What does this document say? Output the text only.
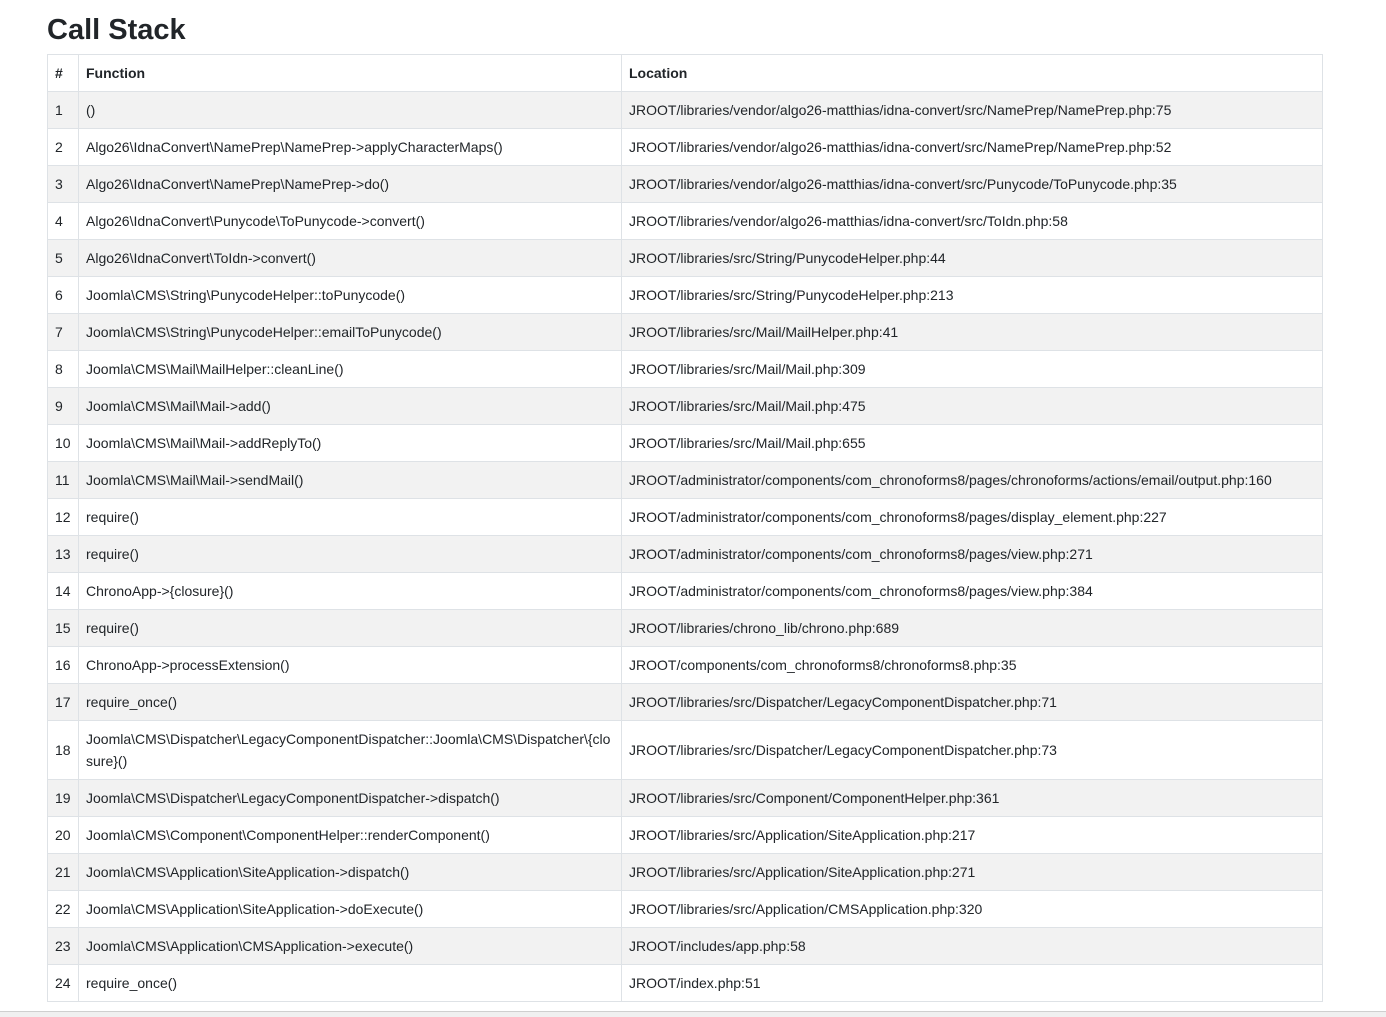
Call Stack
#	Function	Location
1	()	JROOT/libraries/vendor/algo26-matthias/idna-convert/src/NamePrep/NamePrep.php:75
2	Algo26\IdnaConvert\NamePrep\NamePrep->applyCharacterMaps()	JROOT/libraries/vendor/algo26-matthias/idna-convert/src/NamePrep/NamePrep.php:52
3	Algo26\IdnaConvert\NamePrep\NamePrep->do()	JROOT/libraries/vendor/algo26-matthias/idna-convert/src/Punycode/ToPunycode.php:35
4	Algo26\IdnaConvert\Punycode\ToPunycode->convert()	JROOT/libraries/vendor/algo26-matthias/idna-convert/src/ToIdn.php:58
5	Algo26\IdnaConvert\ToIdn->convert()	JROOT/libraries/src/String/PunycodeHelper.php:44
6	Joomla\CMS\String\PunycodeHelper::toPunycode()	JROOT/libraries/src/String/PunycodeHelper.php:213
7	Joomla\CMS\String\PunycodeHelper::emailToPunycode()	JROOT/libraries/src/Mail/MailHelper.php:41
8	Joomla\CMS\Mail\MailHelper::cleanLine()	JROOT/libraries/src/Mail/Mail.php:309
9	Joomla\CMS\Mail\Mail->add()	JROOT/libraries/src/Mail/Mail.php:475
10	Joomla\CMS\Mail\Mail->addReplyTo()	JROOT/libraries/src/Mail/Mail.php:655
11	Joomla\CMS\Mail\Mail->sendMail()	JROOT/administrator/components/com_chronoforms8/pages/chronoforms/actions/email/output.php:160
12	require()	JROOT/administrator/components/com_chronoforms8/pages/display_element.php:227
13	require()	JROOT/administrator/components/com_chronoforms8/pages/view.php:271
14	ChronoApp->{closure}()	JROOT/administrator/components/com_chronoforms8/pages/view.php:384
15	require()	JROOT/libraries/chrono_lib/chrono.php:689
16	ChronoApp->processExtension()	JROOT/components/com_chronoforms8/chronoforms8.php:35
17	require_once()	JROOT/libraries/src/Dispatcher/LegacyComponentDispatcher.php:71
18	Joomla\CMS\Dispatcher\LegacyComponentDispatcher::Joomla\CMS\Dispatcher\{closure}()	JROOT/libraries/src/Dispatcher/LegacyComponentDispatcher.php:73
19	Joomla\CMS\Dispatcher\LegacyComponentDispatcher->dispatch()	JROOT/libraries/src/Component/ComponentHelper.php:361
20	Joomla\CMS\Component\ComponentHelper::renderComponent()	JROOT/libraries/src/Application/SiteApplication.php:217
21	Joomla\CMS\Application\SiteApplication->dispatch()	JROOT/libraries/src/Application/SiteApplication.php:271
22	Joomla\CMS\Application\SiteApplication->doExecute()	JROOT/libraries/src/Application/CMSApplication.php:320
23	Joomla\CMS\Application\CMSApplication->execute()	JROOT/includes/app.php:58
24	require_once()	JROOT/index.php:51
